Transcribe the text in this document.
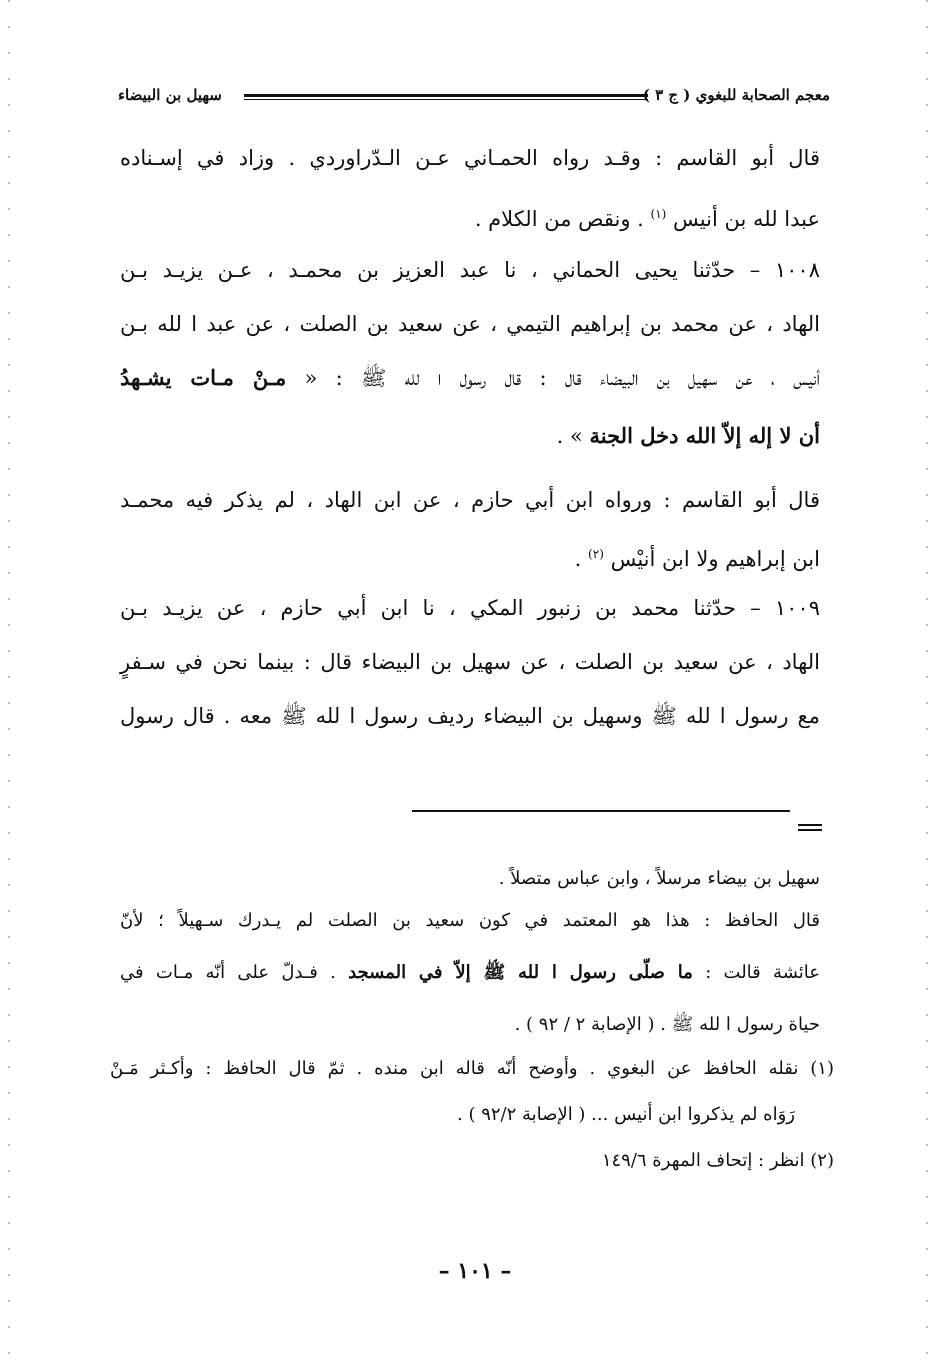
معجم الصحابة للبغوي ( ج ٣ )
سهيل بن البيضاء
قال أبو القاسم : وقـد رواه الحمـاني عـن الـدّراوردي . وزاد في إسـناده
عبدا لله بن أنيس $^{(١)}$ . ونقص من الكلام .
١٠٠٨ – حدّثنا يحيى الحماني ، نا عبد العزيز بن محمـد ، عـن يزيـد بـن
الهاد ، عن محمد بن إبراهيم التيمي ، عن سعيد بن الصلت ، عن عبد ا لله بـن
أنيس ، عن سهيل بن البيضاء قال : قال رسول ا لله ﷺ : « مـنْ مـات يشـهدُ
أن لا إله إلاّ الله دخل الجنة » .
قال أبو القاسم : ورواه ابن أبي حازم ، عن ابن الهاد ، لم يذكر فيه محمـد
ابن إبراهيم ولا ابن أنيْس $^{(٢)}$ .
١٠٠٩ – حدّثنا محمد بن زنبور المكي ، نا ابن أبي حازم ، عن يزيـد بـن
الهاد ، عن سعيد بن الصلت ، عن سهيل بن البيضاء قال : بينما نحن في سـفرٍ
مع رسول ا لله ﷺ وسهيل بن البيضاء رديف رسول ا لله ﷺ معه . قال رسول
سهيل بن بيضاء مرسلاً ، وابن عباس متصلاً .
قال الحافظ : هذا هو المعتمد في كون سعيد بن الصلت لم يـدرك سـهيلاً ؛ لأنّ
عائشة قالت : ما صلّى رسول ا لله ﷺ إلاّ في المسجد . فـدلّ على أنّه مـات في
حياة رسول ا لله ﷺ . ( الإصابة ٢ / ٩٢ ) .
(١) نقله الحافظ عن البغوي . وأوضح أنّه قاله ابن منده . ثمّ قال الحافظ : وأكـثر مَـنْ
رَوَاه لم يذكروا ابن أنيس ... ( الإصابة ٩٢/٢ ) .
(٢) انظر : إتحاف المهرة ١٤٩/٦
– ١٠١ –
